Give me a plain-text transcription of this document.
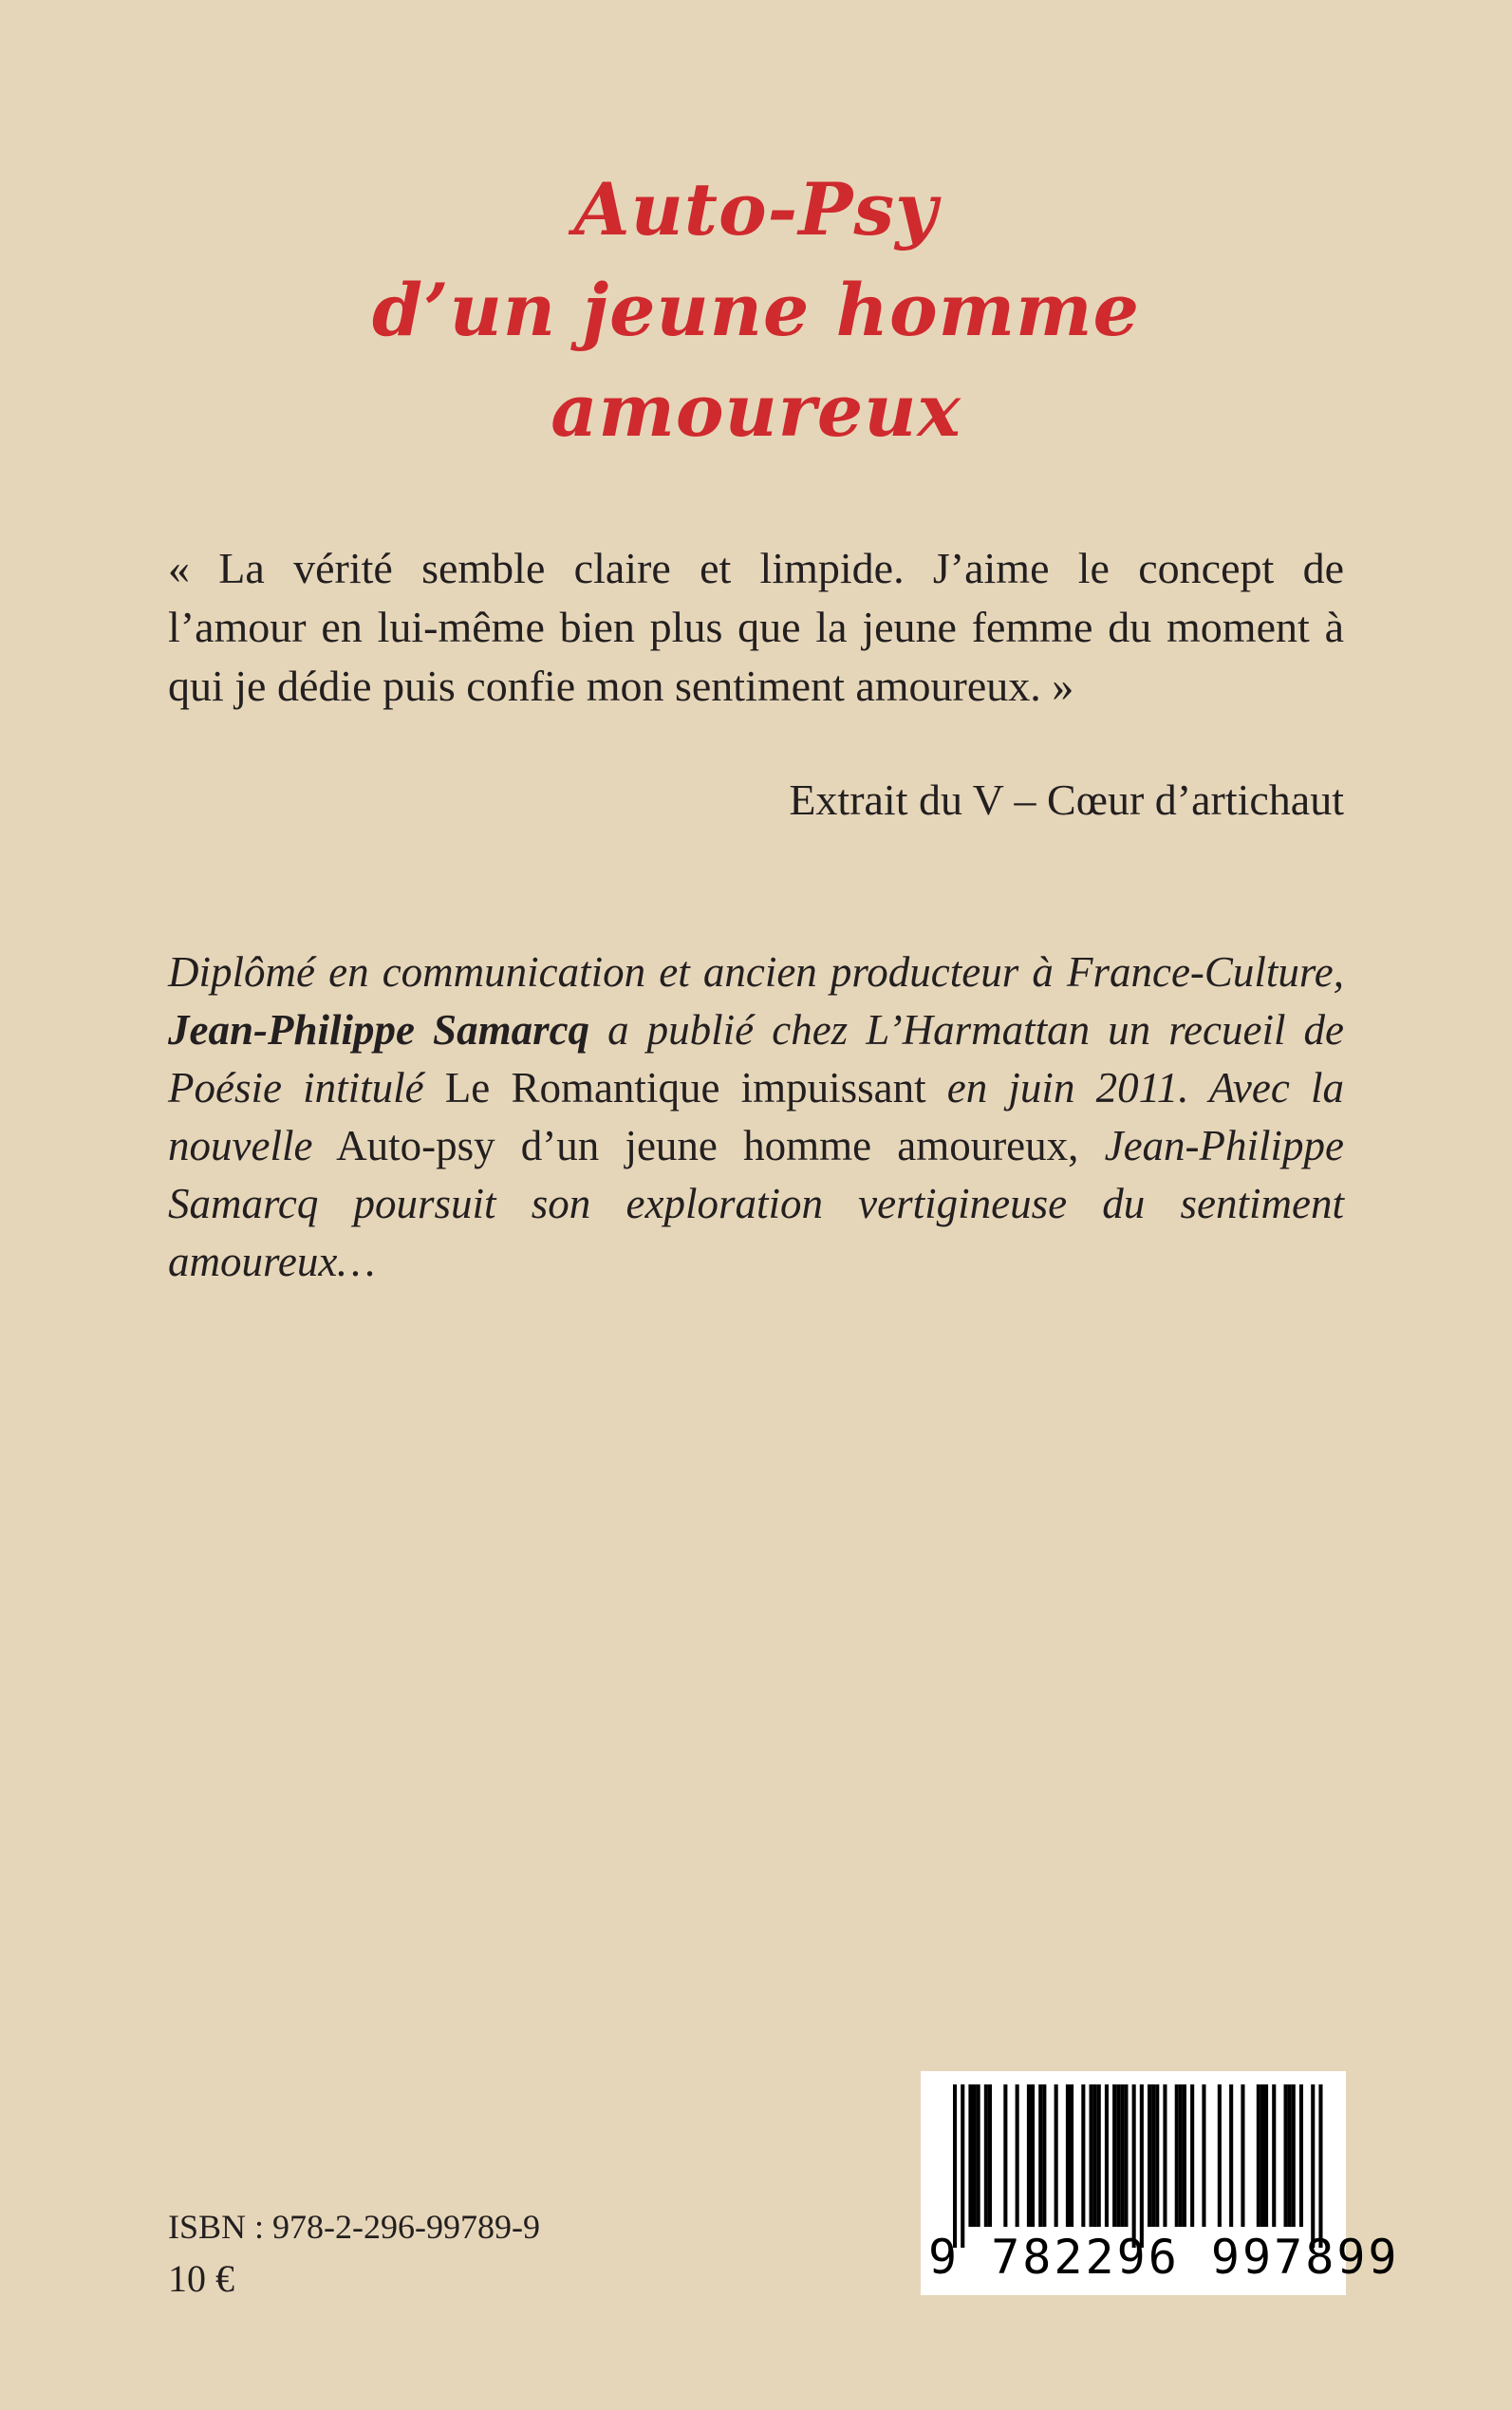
Auto-Psy
d’un jeune homme
amoureux
« La vérité semble claire et limpide. J’aime le concept de
l’amour en lui-même bien plus que la jeune femme du moment à
qui je dédie puis confie mon sentiment amoureux. »
Extrait du V – Cœur d’artichaut
Diplômé en communication et ancien producteur à France-Culture,
Jean-Philippe Samarcq a publié chez L’Harmattan un recueil de
Poésie intitulé Le Romantique impuissant en juin 2011. Avec la
nouvelle Auto-psy d’un jeune homme amoureux, Jean-Philippe
Samarcq poursuit son exploration vertigineuse du sentiment
amoureux…
ISBN : 978-2-296-99789-9
10 €	9 782296 997899
